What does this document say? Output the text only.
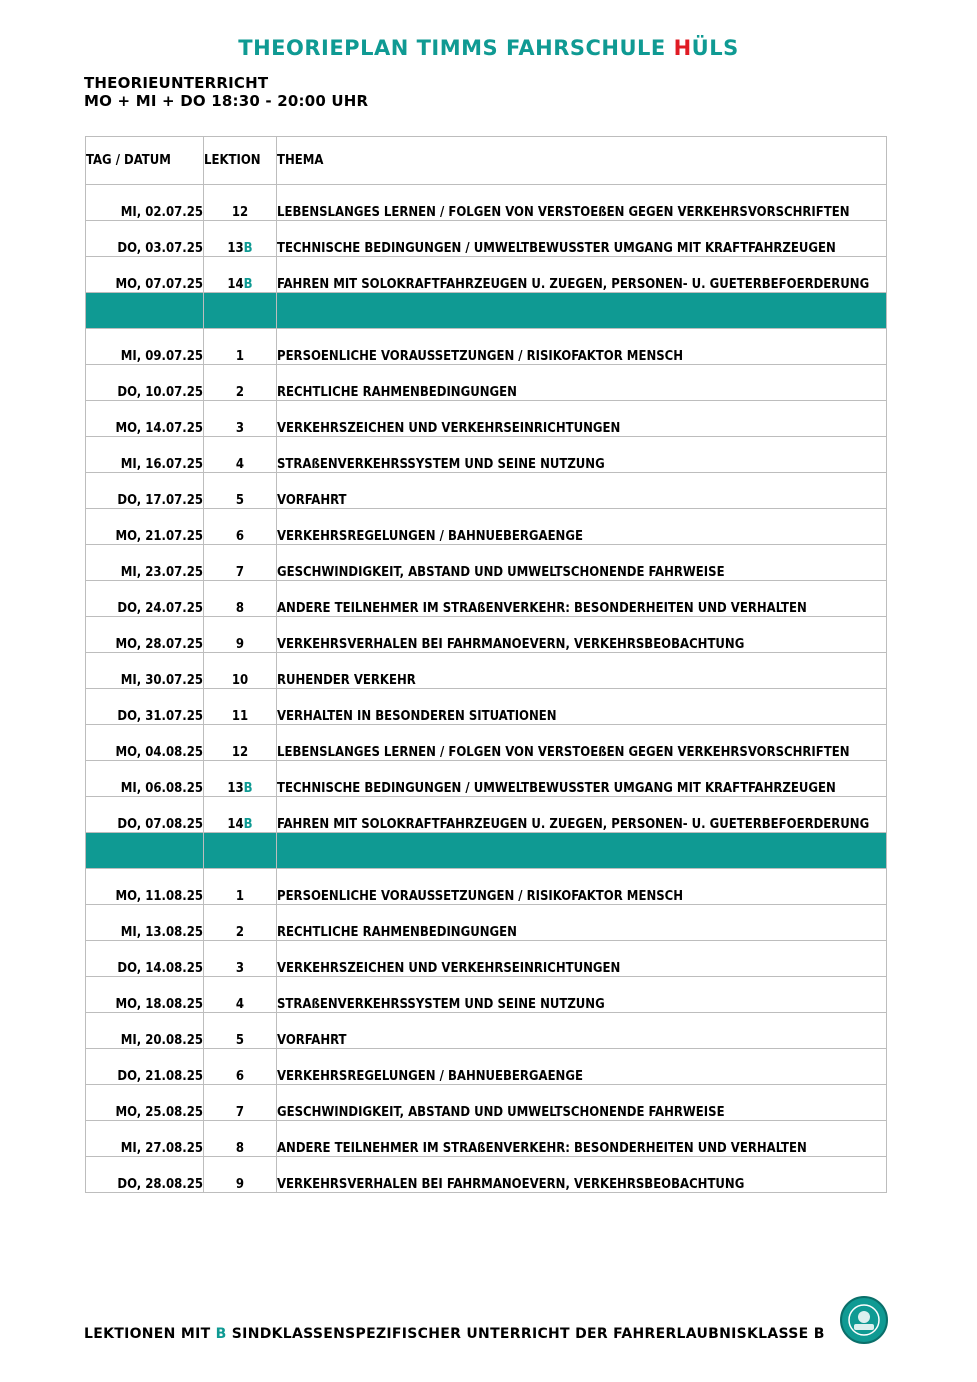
THEORIEPLAN TIMMS FAHRSCHULE HÜLS
THEORIEUNTERRICHT
MO + MI + DO 18:30 - 20:00 UHR
TAG / DATUM	LEKTION	THEMA
MI, 02.07.25	12	LEBENSLANGES LERNEN / FOLGEN VON VERSTOEßEN GEGEN VERKEHRSVORSCHRIFTEN
DO, 03.07.25	13B	TECHNISCHE BEDINGUNGEN / UMWELTBEWUSSTER UMGANG MIT KRAFTFAHRZEUGEN
MO, 07.07.25	14B	FAHREN MIT SOLOKRAFTFAHRZEUGEN U. ZUEGEN, PERSONEN- U. GUETERBEFOERDERUNG

MI, 09.07.25	1	PERSOENLICHE VORAUSSETZUNGEN / RISIKOFAKTOR MENSCH
DO, 10.07.25	2	RECHTLICHE RAHMENBEDINGUNGEN
MO, 14.07.25	3	VERKEHRSZEICHEN UND VERKEHRSEINRICHTUNGEN
MI, 16.07.25	4	STRAßENVERKEHRSSYSTEM UND SEINE NUTZUNG
DO, 17.07.25	5	VORFAHRT
MO, 21.07.25	6	VERKEHRSREGELUNGEN / BAHNUEBERGAENGE
MI, 23.07.25	7	GESCHWINDIGKEIT, ABSTAND UND UMWELTSCHONENDE FAHRWEISE
DO, 24.07.25	8	ANDERE TEILNEHMER IM STRAßENVERKEHR: BESONDERHEITEN UND VERHALTEN
MO, 28.07.25	9	VERKEHRSVERHALEN BEI FAHRMANOEVERN, VERKEHRSBEOBACHTUNG
MI, 30.07.25	10	RUHENDER VERKEHR
DO, 31.07.25	11	VERHALTEN IN BESONDEREN SITUATIONEN
MO, 04.08.25	12	LEBENSLANGES LERNEN / FOLGEN VON VERSTOEßEN GEGEN VERKEHRSVORSCHRIFTEN
MI, 06.08.25	13B	TECHNISCHE BEDINGUNGEN / UMWELTBEWUSSTER UMGANG MIT KRAFTFAHRZEUGEN
DO, 07.08.25	14B	FAHREN MIT SOLOKRAFTFAHRZEUGEN U. ZUEGEN, PERSONEN- U. GUETERBEFOERDERUNG

MO, 11.08.25	1	PERSOENLICHE VORAUSSETZUNGEN / RISIKOFAKTOR MENSCH
MI, 13.08.25	2	RECHTLICHE RAHMENBEDINGUNGEN
DO, 14.08.25	3	VERKEHRSZEICHEN UND VERKEHRSEINRICHTUNGEN
MO, 18.08.25	4	STRAßENVERKEHRSSYSTEM UND SEINE NUTZUNG
MI, 20.08.25	5	VORFAHRT
DO, 21.08.25	6	VERKEHRSREGELUNGEN / BAHNUEBERGAENGE
MO, 25.08.25	7	GESCHWINDIGKEIT, ABSTAND UND UMWELTSCHONENDE FAHRWEISE
MI, 27.08.25	8	ANDERE TEILNEHMER IM STRAßENVERKEHR: BESONDERHEITEN UND VERHALTEN
DO, 28.08.25	9	VERKEHRSVERHALEN BEI FAHRMANOEVERN, VERKEHRSBEOBACHTUNG
LEKTIONEN MIT B SINDKLASSENSPEZIFISCHER UNTERRICHT DER FAHRERLAUBNISKLASSE B
